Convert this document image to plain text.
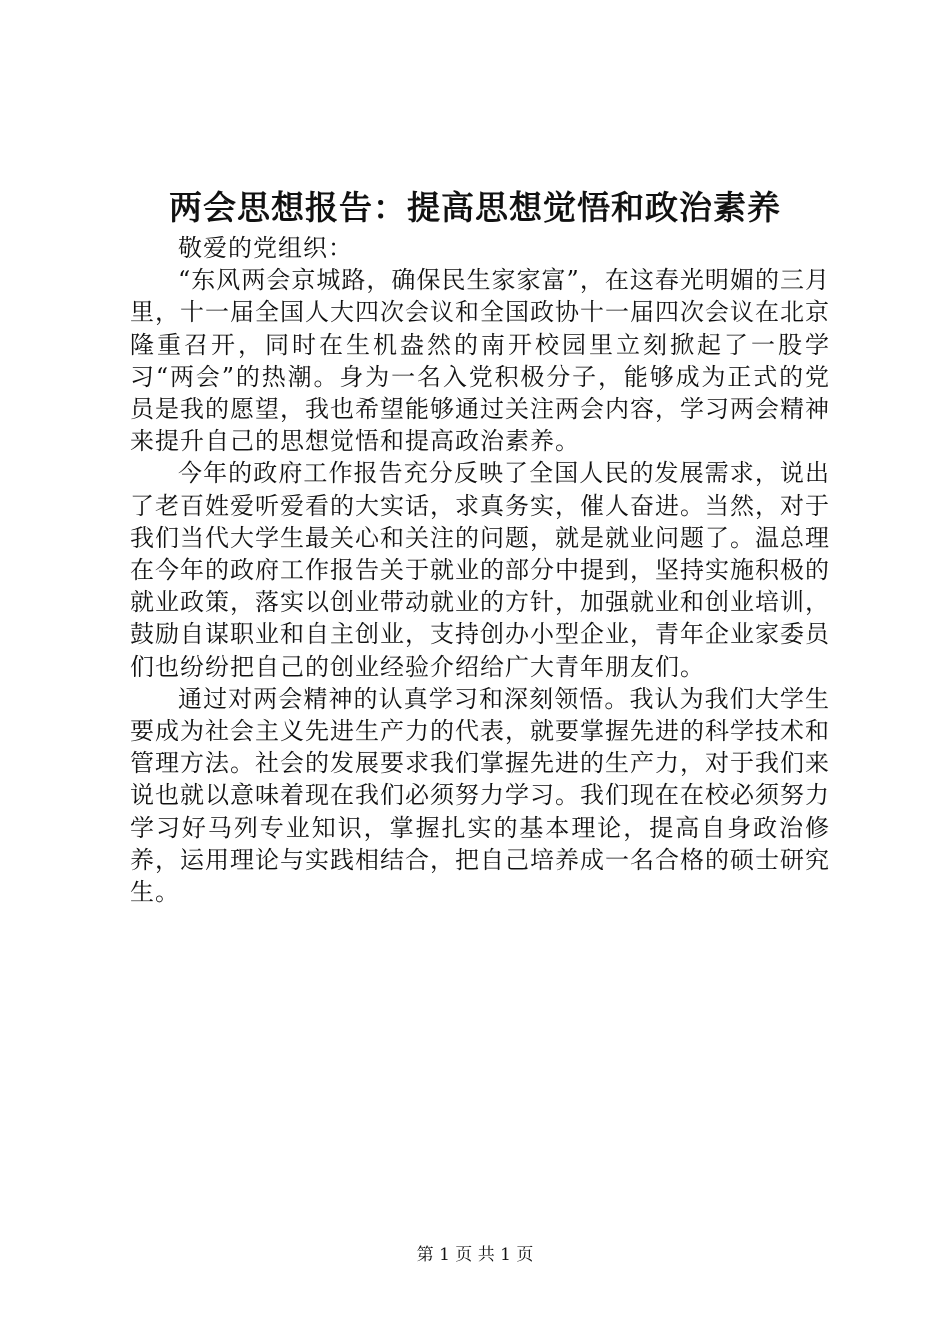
两会思想报告：提高思想觉悟和政治素养

敬爱的党组织：

“东风两会京城路，确保民生家家富”，在这春光明媚的三月里，十一届全国人大四次会议和全国政协十一届四次会议在北京隆重召开，同时在生机盎然的南开校园里立刻掀起了一股学习“两会”的热潮。身为一名入党积极分子，能够成为正式的党员是我的愿望，我也希望能够通过关注两会内容，学习两会精神来提升自己的思想觉悟和提高政治素养。

今年的政府工作报告充分反映了全国人民的发展需求，说出了老百姓爱听爱看的大实话，求真务实，催人奋进。当然，对于我们当代大学生最关心和关注的问题，就是就业问题了。温总理在今年的政府工作报告关于就业的部分中提到，坚持实施积极的就业政策，落实以创业带动就业的方针，加强就业和创业培训，鼓励自谋职业和自主创业，支持创办小型企业，青年企业家委员们也纷纷把自己的创业经验介绍给广大青年朋友们。

通过对两会精神的认真学习和深刻领悟。我认为我们大学生要成为社会主义先进生产力的代表，就要掌握先进的科学技术和管理方法。社会的发展要求我们掌握先进的生产力，对于我们来说也就以意味着现在我们必须努力学习。我们现在在校必须努力学习好马列专业知识，掌握扎实的基本理论，提高自身政治修养，运用理论与实践相结合，把自己培养成一名合格的硕士研究生。

第 1 页 共 1 页
